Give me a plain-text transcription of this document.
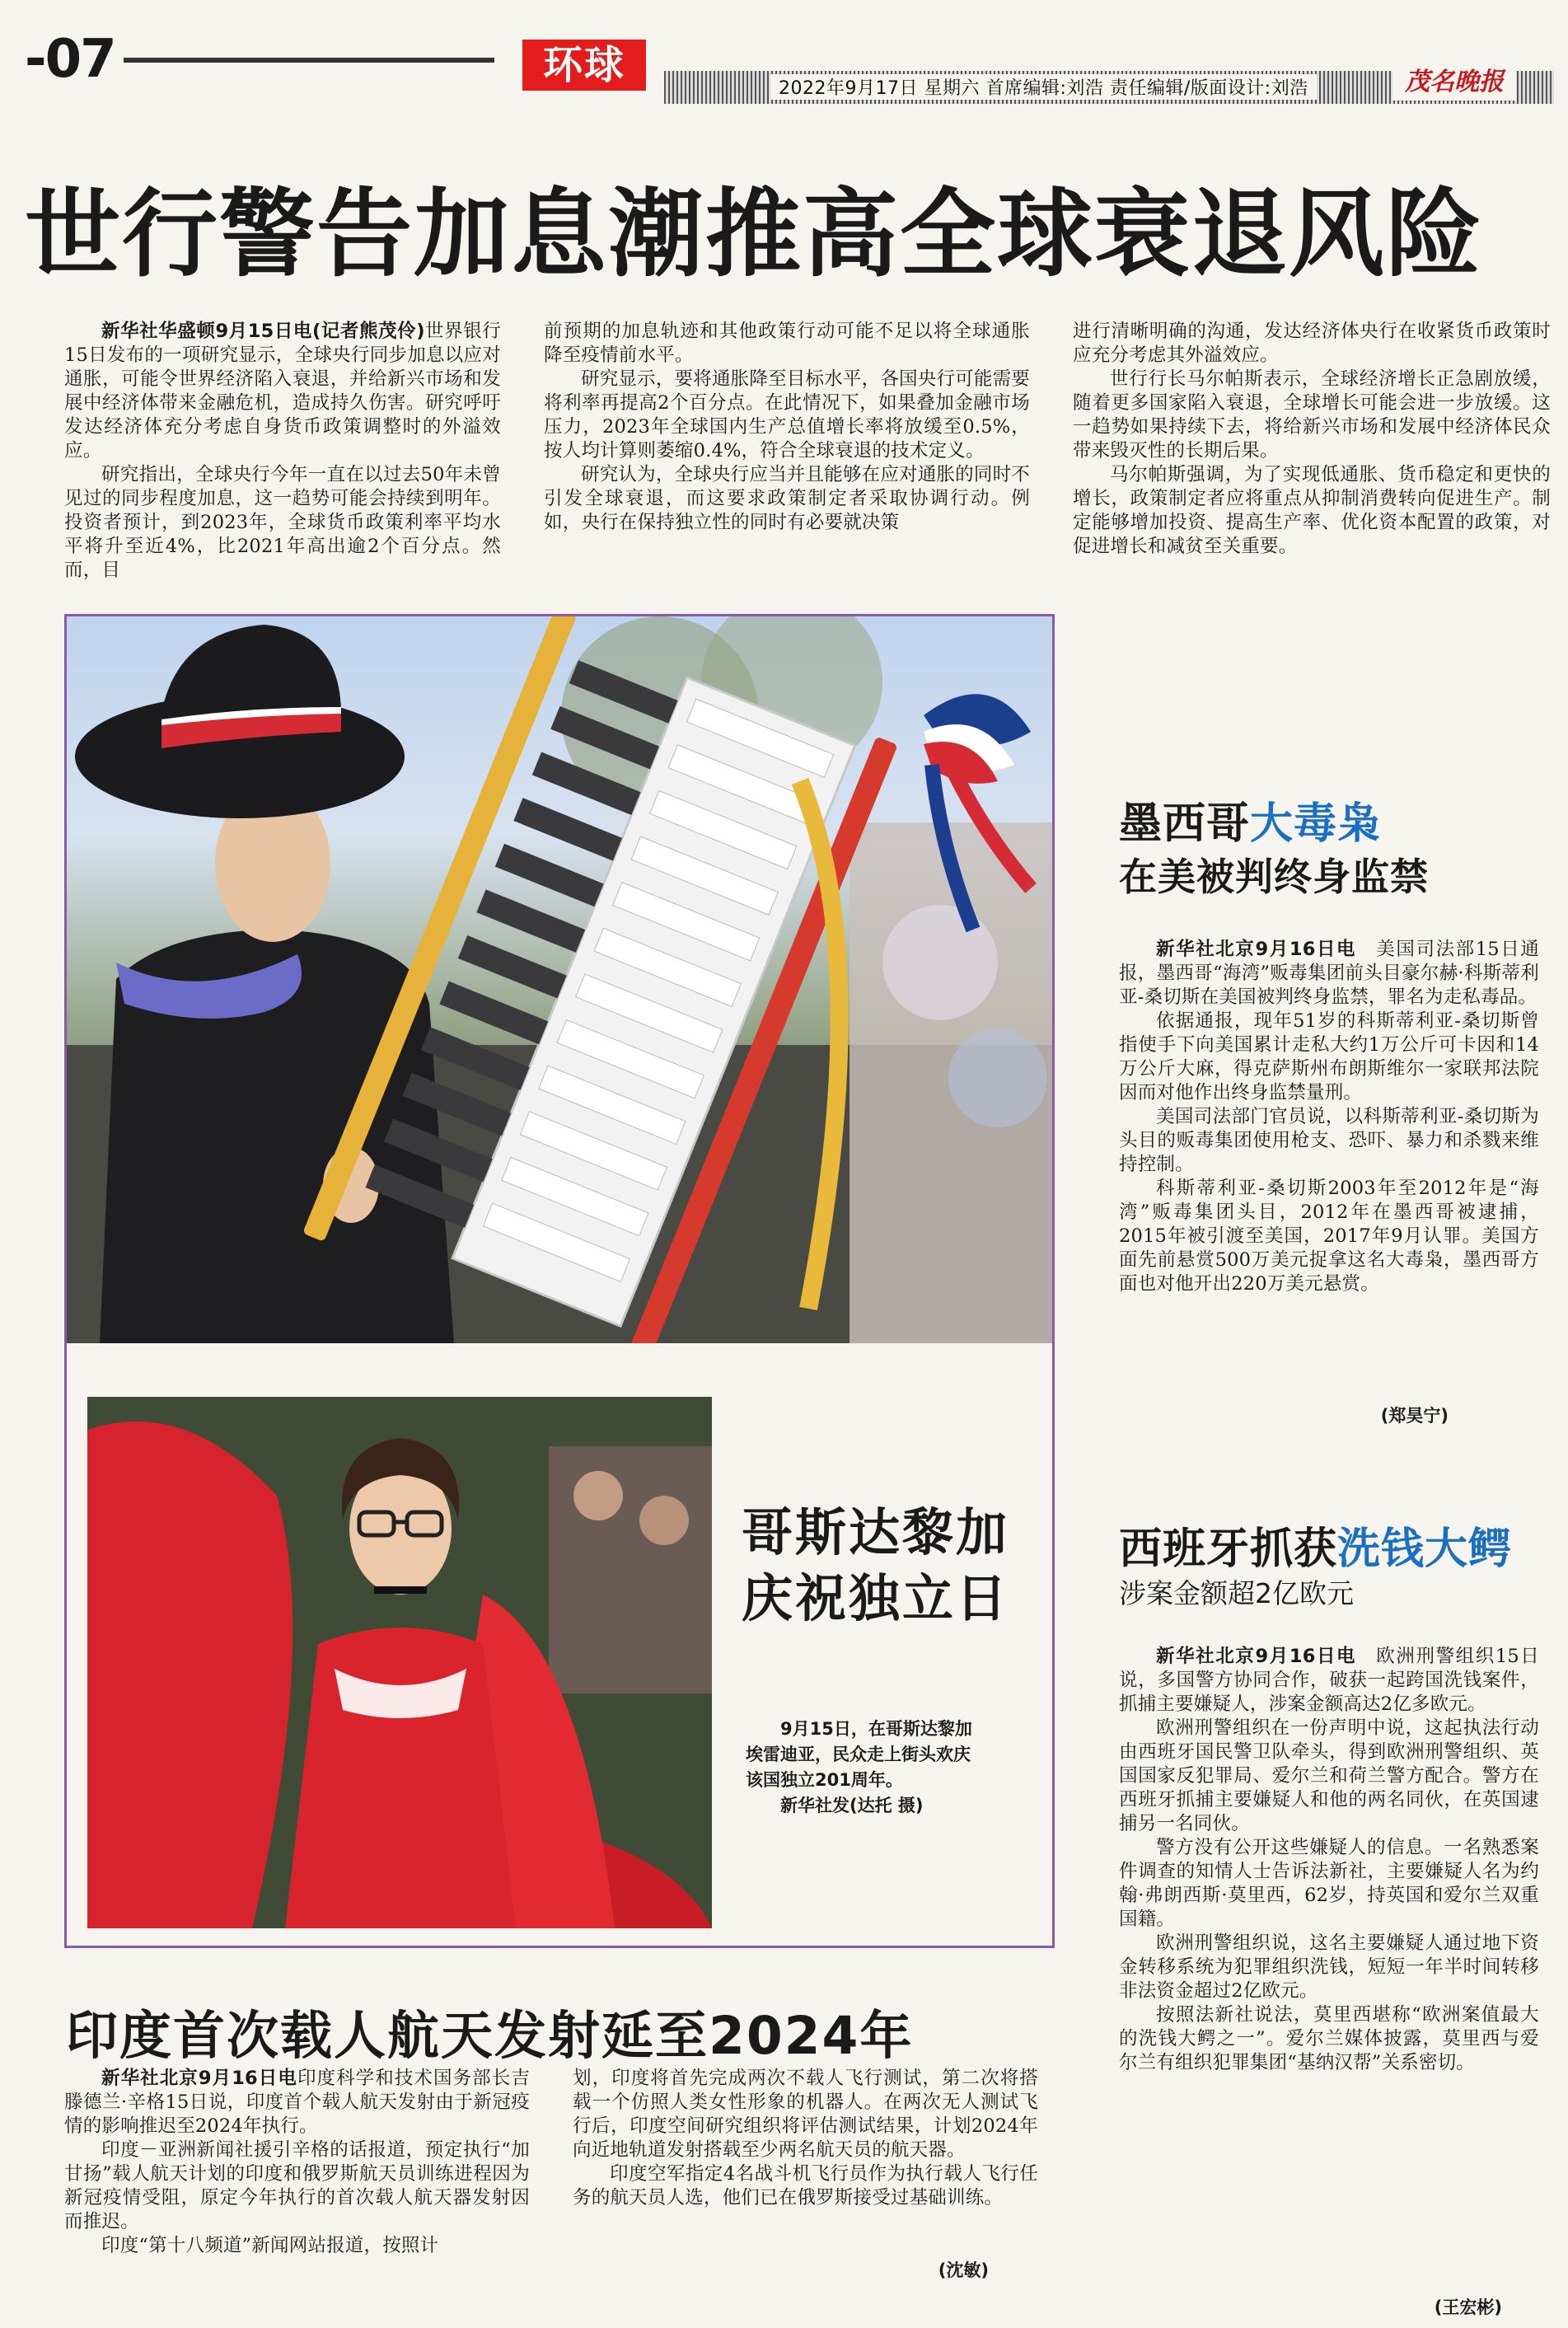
-07	环球
2022年9月17日 星期六 首席编辑:刘浩 责任编辑/版面设计:刘浩	茂名晚报
世行警告加息潮推高全球衰退风险

新华社华盛顿9月15日电(记者熊茂伶)世界银行15日发布的一项研究显示，全球央行同步加息以应对通胀，可能令世界经济陷入衰退，并给新兴市场和发展中经济体带来金融危机，造成持久伤害。研究呼吁发达经济体充分考虑自身货币政策调整时的外溢效应。

研究指出，全球央行今年一直在以过去50年未曾见过的同步程度加息，这一趋势可能会持续到明年。投资者预计，到2023年，全球货币政策利率平均水平将升至近4%，比2021年高出逾2个百分点。然而，目

前预期的加息轨迹和其他政策行动可能不足以将全球通胀降至疫情前水平。

研究显示，要将通胀降至目标水平，各国央行可能需要将利率再提高2个百分点。在此情况下，如果叠加金融市场压力，2023年全球国内生产总值增长率将放缓至0.5%，按人均计算则萎缩0.4%，符合全球衰退的技术定义。

研究认为，全球央行应当并且能够在应对通胀的同时不引发全球衰退，而这要求政策制定者采取协调行动。例如，央行在保持独立性的同时有必要就决策

进行清晰明确的沟通，发达经济体央行在收紧货币政策时应充分考虑其外溢效应。

世行行长马尔帕斯表示，全球经济增长正急剧放缓，随着更多国家陷入衰退，全球增长可能会进一步放缓。这一趋势如果持续下去，将给新兴市场和发展中经济体民众带来毁灭性的长期后果。

马尔帕斯强调，为了实现低通胀、货币稳定和更快的增长，政策制定者应将重点从抑制消费转向促进生产。制定能够增加投资、提高生产率、优化资本配置的政策，对促进增长和减贫至关重要。

哥斯达黎加
庆祝独立日
9月15日，在哥斯达黎加
埃雷迪亚，民众走上街头欢庆
该国独立201周年。
新华社发(达托 摄)
墨西哥大毒枭
在美被判终身监禁

新华社北京9月16日电  美国司法部15日通报，墨西哥“海湾”贩毒集团前头目豪尔赫·科斯蒂利亚-桑切斯在美国被判终身监禁，罪名为走私毒品。

依据通报，现年51岁的科斯蒂利亚-桑切斯曾指使手下向美国累计走私大约1万公斤可卡因和14万公斤大麻，得克萨斯州布朗斯维尔一家联邦法院因而对他作出终身监禁量刑。

美国司法部门官员说，以科斯蒂利亚-桑切斯为头目的贩毒集团使用枪支、恐吓、暴力和杀戮来维持控制。

科斯蒂利亚-桑切斯2003年至2012年是“海湾”贩毒集团头目，2012年在墨西哥被逮捕，2015年被引渡至美国，2017年9月认罪。美国方面先前悬赏500万美元捉拿这名大毒枭，墨西哥方面也对他开出220万美元悬赏。

(郑昊宁)
西班牙抓获洗钱大鳄
涉案金额超2亿欧元

新华社北京9月16日电  欧洲刑警组织15日说，多国警方协同合作，破获一起跨国洗钱案件，抓捕主要嫌疑人，涉案金额高达2亿多欧元。

欧洲刑警组织在一份声明中说，这起执法行动由西班牙国民警卫队牵头，得到欧洲刑警组织、英国国家反犯罪局、爱尔兰和荷兰警方配合。警方在西班牙抓捕主要嫌疑人和他的两名同伙，在英国逮捕另一名同伙。

警方没有公开这些嫌疑人的信息。一名熟悉案件调查的知情人士告诉法新社，主要嫌疑人名为约翰·弗朗西斯·莫里西，62岁，持英国和爱尔兰双重国籍。

欧洲刑警组织说，这名主要嫌疑人通过地下资金转移系统为犯罪组织洗钱，短短一年半时间转移非法资金超过2亿欧元。

按照法新社说法，莫里西堪称“欧洲案值最大的洗钱大鳄之一”。爱尔兰媒体披露，莫里西与爱尔兰有组织犯罪集团“基纳汉帮”关系密切。

(王宏彬)
印度首次载人航天发射延至2024年

新华社北京9月16日电印度科学和技术国务部长吉滕德兰·辛格15日说，印度首个载人航天发射由于新冠疫情的影响推迟至2024年执行。

印度－亚洲新闻社援引辛格的话报道，预定执行“加甘扬”载人航天计划的印度和俄罗斯航天员训练进程因为新冠疫情受阻，原定今年执行的首次载人航天器发射因而推迟。

印度“第十八频道”新闻网站报道，按照计

划，印度将首先完成两次不载人飞行测试，第二次将搭载一个仿照人类女性形象的机器人。在两次无人测试飞行后，印度空间研究组织将评估测试结果，计划2024年向近地轨道发射搭载至少两名航天员的航天器。

印度空军指定4名战斗机飞行员作为执行载人飞行任务的航天员人选，他们已在俄罗斯接受过基础训练。

(沈敏)
